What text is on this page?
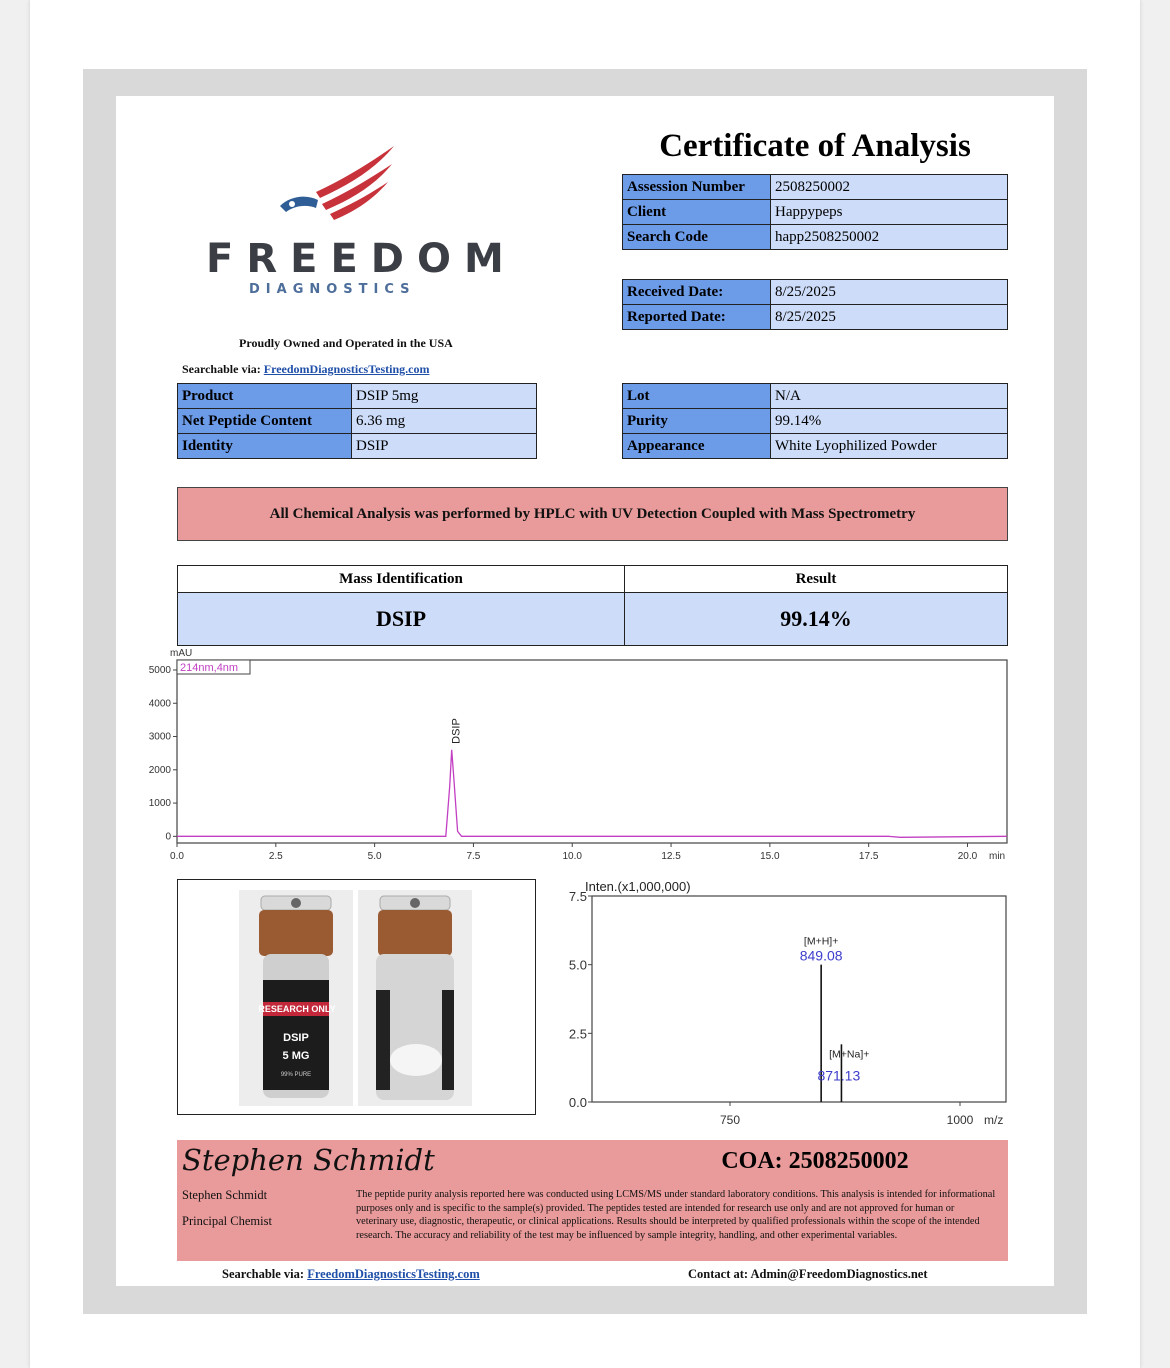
FREEDOM
DIAGNOSTICS
Proudly Owned and Operated in the USA
Searchable via: FreedomDiagnosticsTesting.com
Certificate of Analysis
Assession Number	2508250002
Client	Happypeps
Search Code	happ2508250002
Received Date:	8/25/2025
Reported Date:	8/25/2025
Product	DSIP 5mg
Net Peptide Content	6.36 mg
Identity	DSIP
Lot	N/A
Purity	99.14%
Appearance	White Lyophilized Powder
All Chemical Analysis was performed by HPLC with UV Detection Coupled with Mass Spectrometry
Mass Identification	Result
DSIP	99.14%
mAU
214nm,4nm
0
1000
2000
3000
4000
5000
0.0	2.5	5.0	7.5	10.0	12.5	15.0	17.5	20.0 min
DSIP
RESEARCH ONLY
DSIP
5 MG
99% PURE
Inten.(x1,000,000)
0.0
2.5
5.0
7.5
750	1000 m/z
[M+H]+
849.08
[M+Na]+
871.13
Stephen Schmidt	COA: 2508250002
Stephen Schmidt
Principal Chemist
The peptide purity analysis reported here was conducted using LCMS/MS under standard laboratory conditions. This analysis is intended for informational purposes only and is specific to the sample(s) provided. The peptides tested are intended for research use only and are not approved for human or veterinary use, diagnostic, therapeutic, or clinical applications. Results should be interpreted by qualified professionals within the scope of the intended research. The accuracy and reliability of the test may be influenced by sample integrity, handling, and other experimental variables.
Searchable via: FreedomDiagnosticsTesting.com	Contact at: Admin@FreedomDiagnostics.net
